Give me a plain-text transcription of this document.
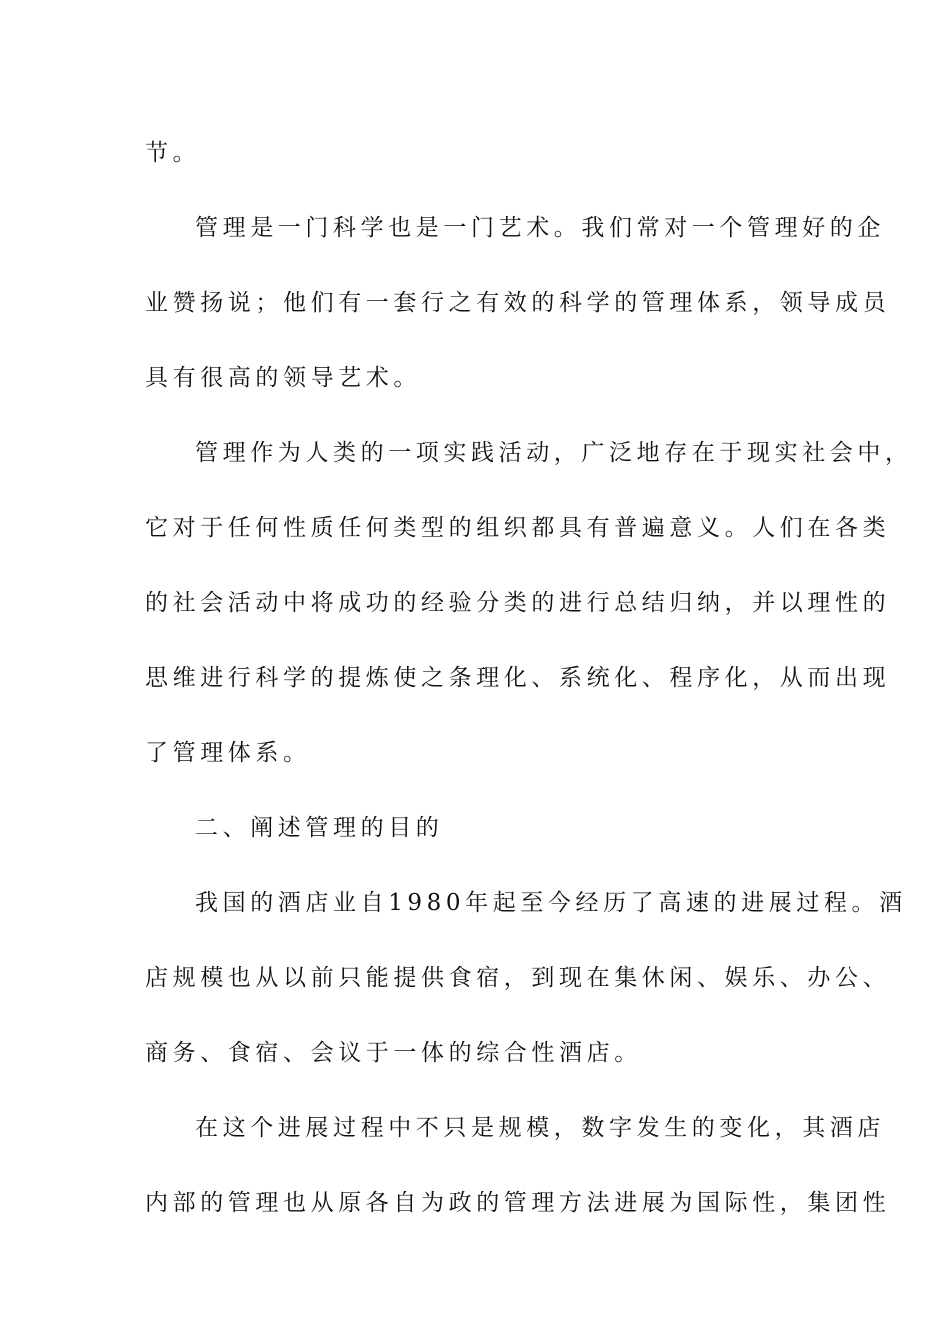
节。
管理是一门科学也是一门艺术。我们常对一个管理好的企
业赞扬说；他们有一套行之有效的科学的管理体系，领导成员
具有很高的领导艺术。
管理作为人类的一项实践活动，广泛地存在于现实社会中，
它对于任何性质任何类型的组织都具有普遍意义。人们在各类
的社会活动中将成功的经验分类的进行总结归纳，并以理性的
思维进行科学的提炼使之条理化、系统化、程序化，从而出现
了管理体系。
二、阐述管理的目的
我国的酒店业自1980年起至今经历了高速的进展过程。酒
店规模也从以前只能提供食宿，到现在集休闲、娱乐、办公、
商务、食宿、会议于一体的综合性酒店。
在这个进展过程中不只是规模，数字发生的变化，其酒店
内部的管理也从原各自为政的管理方法进展为国际性，集团性
